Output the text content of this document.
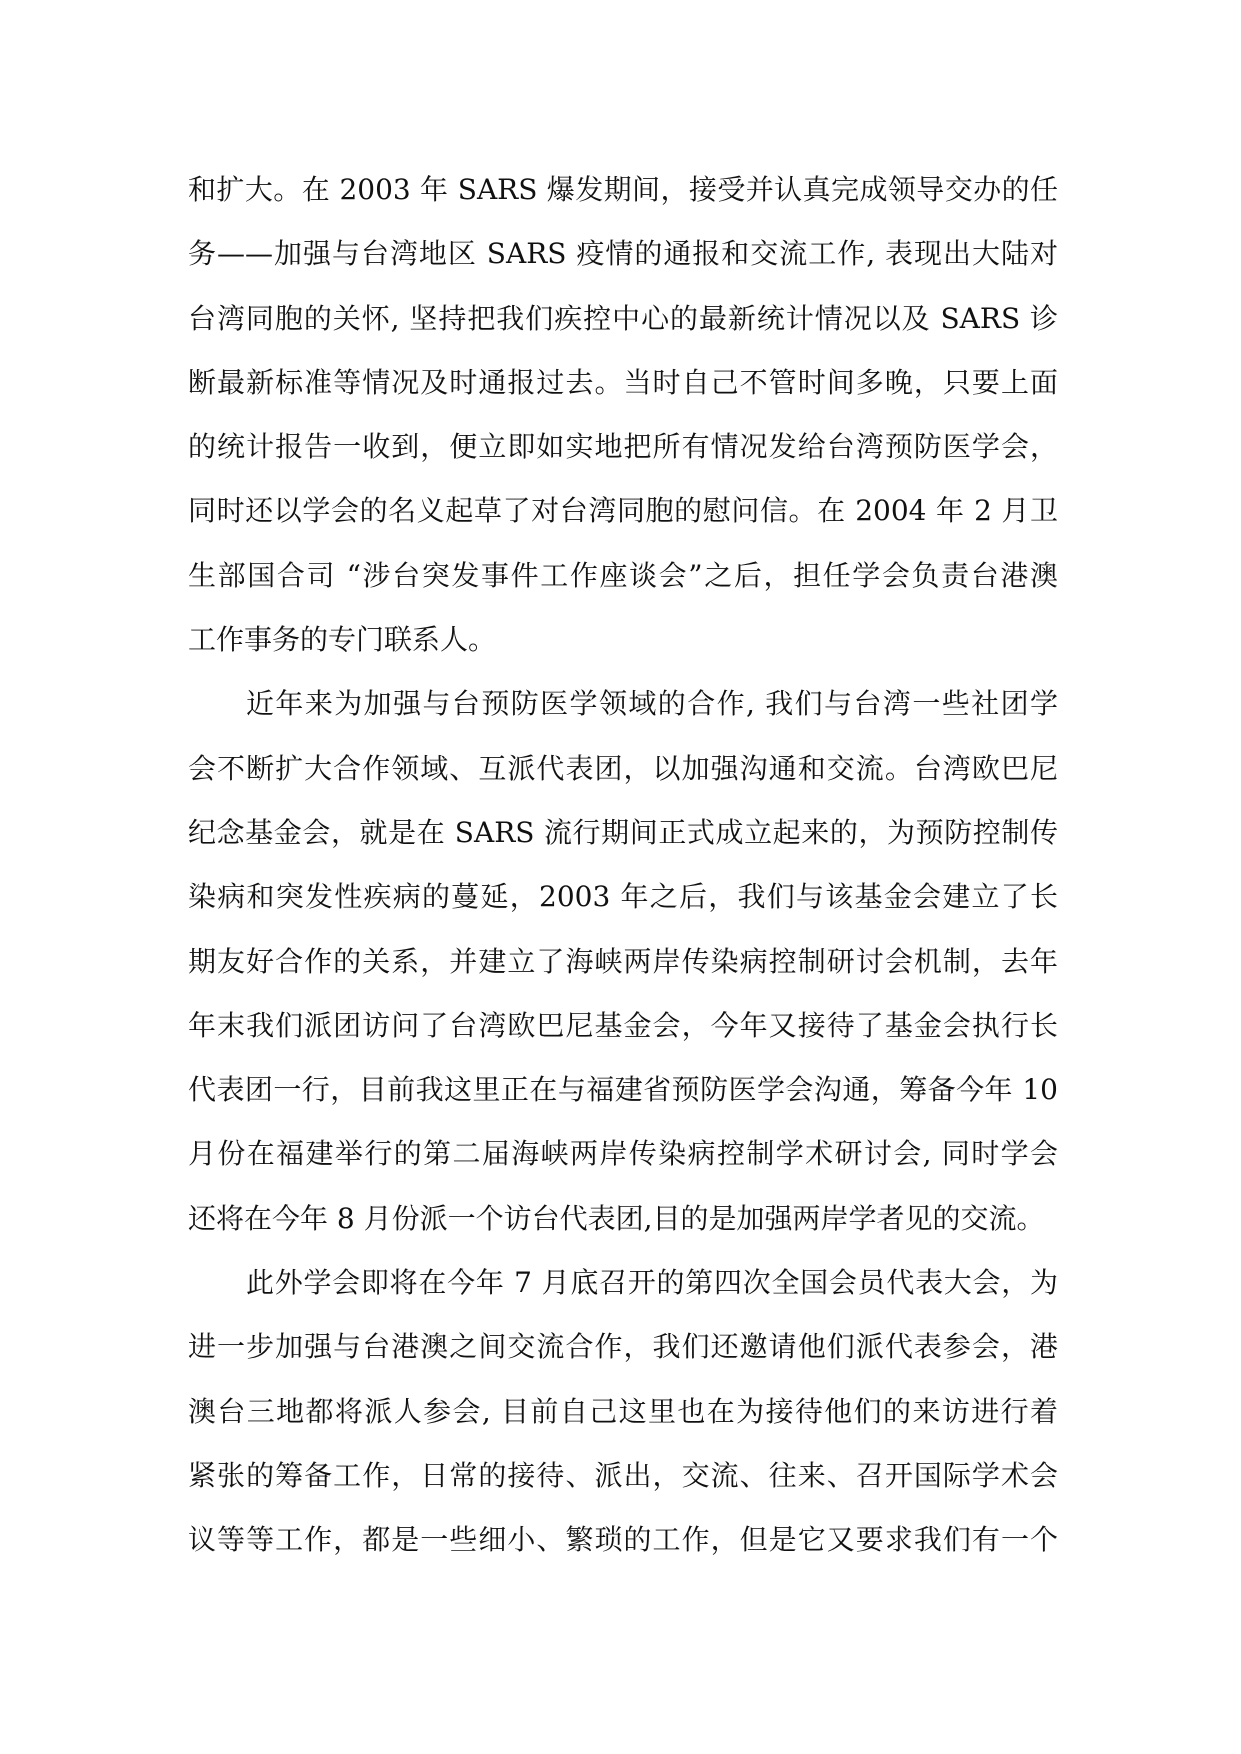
和扩大。在 2003 年 SARS 爆发期间，接受并认真完成领导交办的任
务——加强与台湾地区 SARS 疫情的通报和交流工作, 表现出大陆对
台湾同胞的关怀, 坚持把我们疾控中心的最新统计情况以及 SARS 诊
断最新标准等情况及时通报过去。当时自己不管时间多晚，只要上面
的统计报告一收到，便立即如实地把所有情况发给台湾预防医学会，
同时还以学会的名义起草了对台湾同胞的慰问信。在 2004 年 2 月卫
生部国合司 “涉台突发事件工作座谈会”之后，担任学会负责台港澳
工作事务的专门联系人。
近年来为加强与台预防医学领域的合作, 我们与台湾一些社团学
会不断扩大合作领域、互派代表团，以加强沟通和交流。台湾欧巴尼
纪念基金会，就是在 SARS 流行期间正式成立起来的，为预防控制传
染病和突发性疾病的蔓延，2003 年之后，我们与该基金会建立了长
期友好合作的关系，并建立了海峡两岸传染病控制研讨会机制，去年
年末我们派团访问了台湾欧巴尼基金会，今年又接待了基金会执行长
代表团一行，目前我这里正在与福建省预防医学会沟通，筹备今年 10
月份在福建举行的第二届海峡两岸传染病控制学术研讨会, 同时学会
还将在今年 8 月份派一个访台代表团,目的是加强两岸学者见的交流。
此外学会即将在今年 7 月底召开的第四次全国会员代表大会，为
进一步加强与台港澳之间交流合作，我们还邀请他们派代表参会，港
澳台三地都将派人参会, 目前自己这里也在为接待他们的来访进行着
紧张的筹备工作，日常的接待、派出，交流、往来、召开国际学术会
议等等工作，都是一些细小、繁琐的工作，但是它又要求我们有一个
